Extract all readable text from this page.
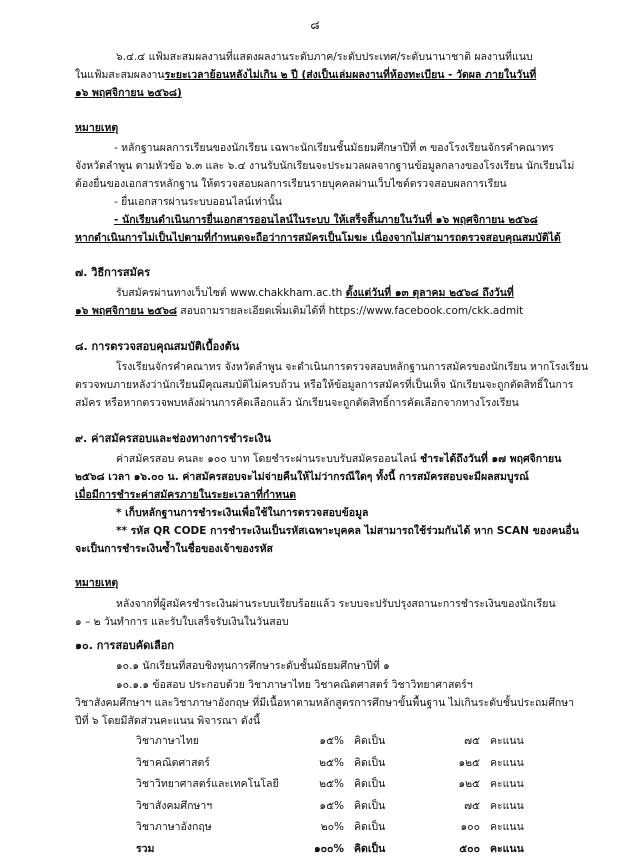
๘
๖.๔.๔ แฟ้มสะสมผลงานที่แสดงผลงานระดับภาค/ระดับประเทศ/ระดับนานาชาติ ผลงานที่แนบ
ในแฟ้มสะสมผลงานระยะเวลาย้อนหลังไม่เกิน ๒ ปี (ส่งเป็นเล่มผลงานที่ห้องทะเบียน - วัดผล ภายในวันที่
๑๖ พฤศจิกายน ๒๕๖๘)
หมายเหตุ
- หลักฐานผลการเรียนของนักเรียน เฉพาะนักเรียนชั้นมัธยมศึกษาปีที่ ๓ ของโรงเรียนจักรคำคณาทร
จังหวัดลำพูน ตามหัวข้อ ๖.๓ และ ๖.๔ งานรับนักเรียนจะประมวลผลจากฐานข้อมูลกลางของโรงเรียน นักเรียนไม่
ต้องยื่นของเอกสารหลักฐาน ให้ตรวจสอบผลการเรียนรายบุคคลผ่านเว็บไซต์ตรวจสอบผลการเรียน
- ยื่นเอกสารผ่านระบบออนไลน์เท่านั้น
- นักเรียนดำเนินการยื่นเอกสารออนไลน์ในระบบ ให้เสร็จสิ้นภายในวันที่ ๑๖ พฤศจิกายน ๒๕๖๘
หากดำเนินการไม่เป็นไปตามที่กำหนดจะถือว่าการสมัครเป็นโมฆะ เนื่องจากไม่สามารถตรวจสอบคุณสมบัติได้
๗. วิธีการสมัคร
รับสมัครผ่านทางเว็บไซต์ www.chakkham.ac.th ตั้งแต่วันที่ ๑๓ ตุลาคม ๒๕๖๘ ถึงวันที่
๑๖ พฤศจิกายน ๒๕๖๘ สอบถามรายละเอียดเพิ่มเติมได้ที่ https://www.facebook.com/ckk.admit
๘. การตรวจสอบคุณสมบัติเบื้องต้น
โรงเรียนจักรคำคณาทร จังหวัดลำพูน จะดำเนินการตรวจสอบหลักฐานการสมัครของนักเรียน หากโรงเรียน
ตรวจพบภายหลังว่านักเรียนมีคุณสมบัติไม่ครบถ้วน หรือให้ข้อมูลการสมัครที่เป็นเท็จ นักเรียนจะถูกตัดสิทธิ์ในการ
สมัคร หรือหากตรวจพบหลังผ่านการคัดเลือกแล้ว นักเรียนจะถูกตัดสิทธิ์การคัดเลือกจากทางโรงเรียน
๙. ค่าสมัครสอบและช่องทางการชำระเงิน
ค่าสมัครสอบ คนละ ๑๐๐ บาท โดยชำระผ่านระบบรับสมัครออนไลน์ ชำระได้ถึงวันที่ ๑๗ พฤศจิกายน
๒๕๖๘ เวลา ๑๖.๐๐ น. ค่าสมัครสอบจะไม่จ่ายคืนให้ไม่ว่ากรณีใดๆ ทั้งนี้ การสมัครสอบจะมีผลสมบูรณ์
เมื่อมีการชำระค่าสมัครภายในระยะเวลาที่กำหนด
* เก็บหลักฐานการชำระเงินเพื่อใช้ในการตรวจสอบข้อมูล
** รหัส QR CODE การชำระเงินเป็นรหัสเฉพาะบุคคล ไม่สามารถใช้ร่วมกันได้ หาก SCAN ของคนอื่น
จะเป็นการชำระเงินซ้ำในชื่อของเจ้าของรหัส
หมายเหตุ
หลังจากที่ผู้สมัครชำระเงินผ่านระบบเรียบร้อยแล้ว ระบบจะปรับปรุงสถานะการชำระเงินของนักเรียน
๑ – ๒ วันทำการ และรับใบเสร็จรับเงินในวันสอบ
๑๐. การสอบคัดเลือก
๑๐.๑ นักเรียนที่สอบชิงทุนการศึกษาระดับชั้นมัธยมศึกษาปีที่ ๑
๑๐.๑.๑ ข้อสอบ ประกอบด้วย วิชาภาษาไทย วิชาคณิตศาสตร์ วิชาวิทยาศาสตร์ฯ
วิชาสังคมศึกษาฯ และวิชาภาษาอังกฤษ ที่มีเนื้อหาตามหลักสูตรการศึกษาขั้นพื้นฐาน ไม่เกินระดับชั้นประถมศึกษา
ปีที่ ๖ โดยมีสัดส่วนคะแนน พิจารณา ดังนี้
วิชาภาษาไทย	๑๕%	คิดเป็น	๗๕	คะแนน
วิชาคณิตศาสตร์	๒๕%	คิดเป็น	๑๒๕	คะแนน
วิชาวิทยาศาสตร์และเทคโนโลยี	๒๕%	คิดเป็น	๑๒๕	คะแนน
วิชาสังคมศึกษาฯ	๑๕%	คิดเป็น	๗๕	คะแนน
วิชาภาษาอังกฤษ	๒๐%	คิดเป็น	๑๐๐	คะแนน
รวม	๑๐๐%	คิดเป็น	๕๐๐	คะแนน
